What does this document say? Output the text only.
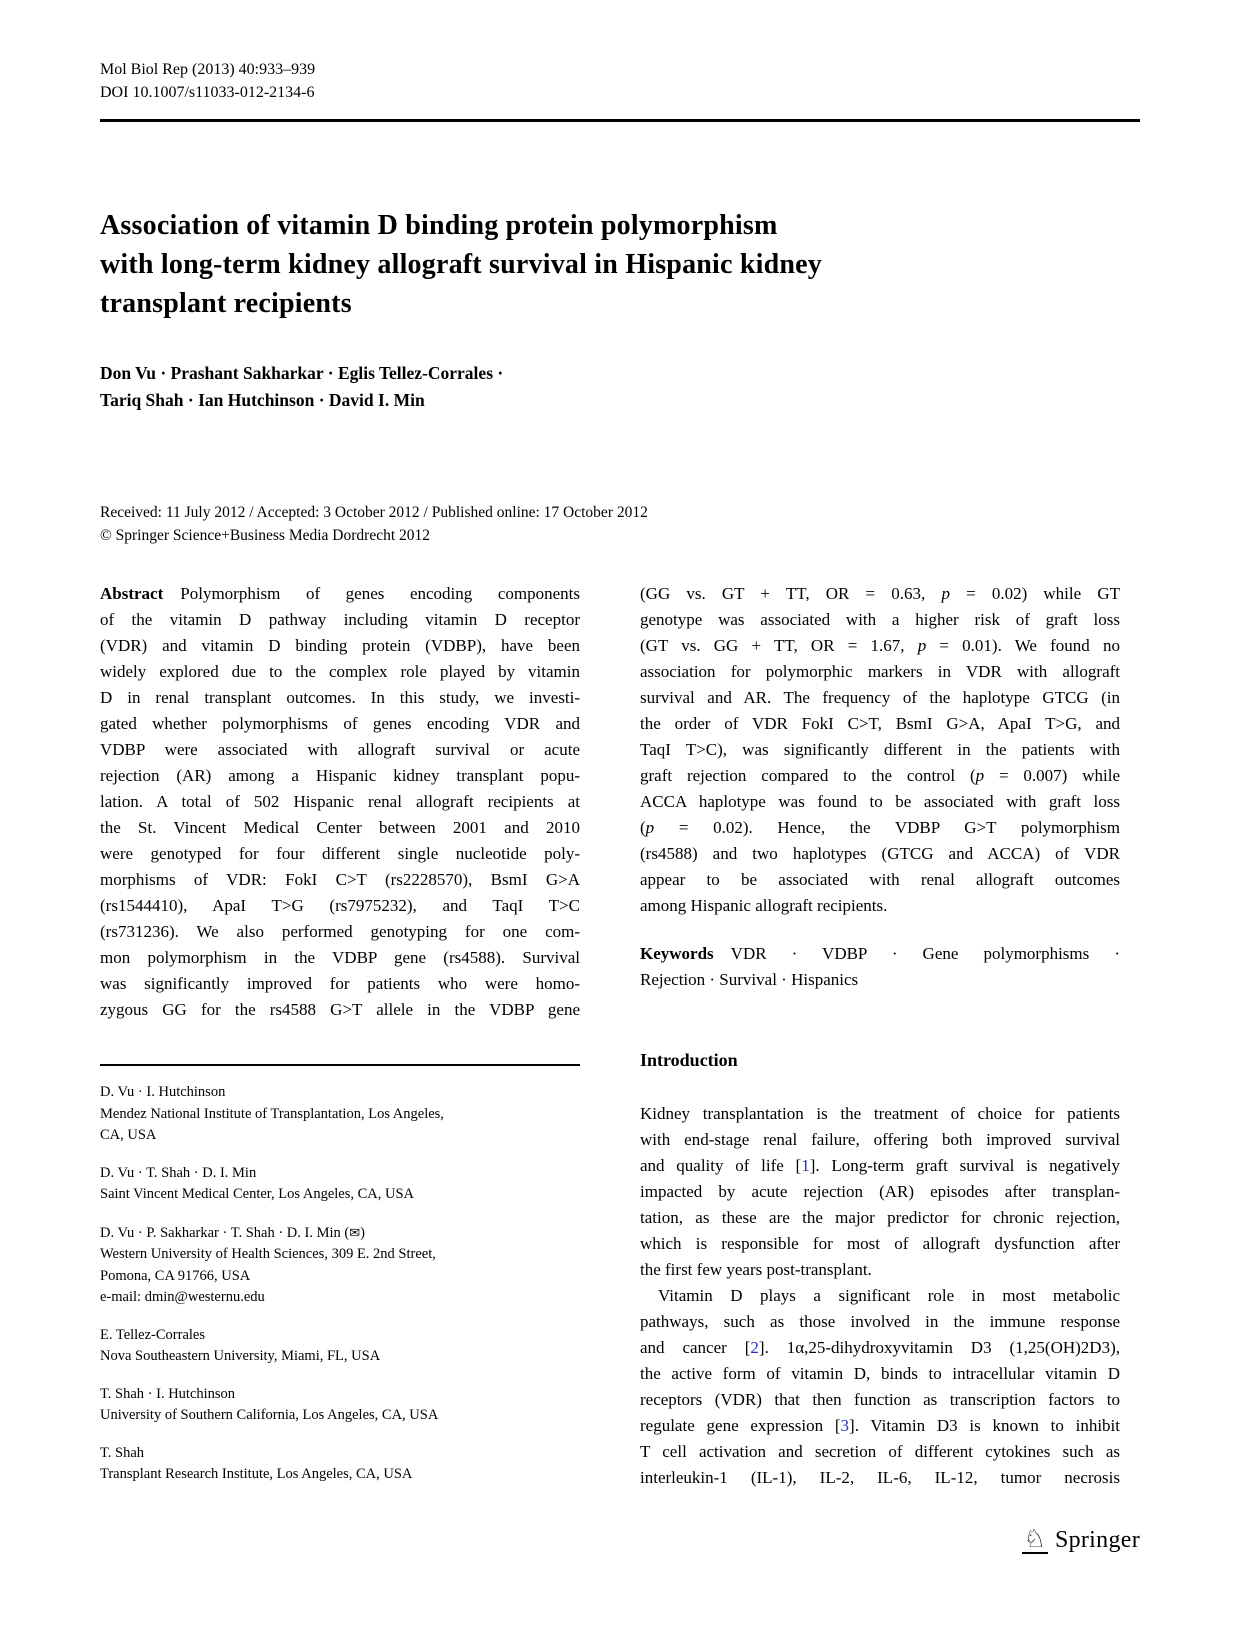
Mol Biol Rep (2013) 40:933–939
DOI 10.1007/s11033-012-2134-6
Association of vitamin D binding protein polymorphism
with long-term kidney allograft survival in Hispanic kidney
transplant recipients
Don Vu · Prashant Sakharkar · Eglis Tellez-Corrales ·
Tariq Shah · Ian Hutchinson · David I. Min
Received: 11 July 2012 / Accepted: 3 October 2012 / Published online: 17 October 2012
© Springer Science+Business Media Dordrecht 2012
Abstract Polymorphism of genes encoding components
of the vitamin D pathway including vitamin D receptor
(VDR) and vitamin D binding protein (VDBP), have been
widely explored due to the complex role played by vitamin
D in renal transplant outcomes. In this study, we investi-
gated whether polymorphisms of genes encoding VDR and
VDBP were associated with allograft survival or acute
rejection (AR) among a Hispanic kidney transplant popu-
lation. A total of 502 Hispanic renal allograft recipients at
the St. Vincent Medical Center between 2001 and 2010
were genotyped for four different single nucleotide poly-
morphisms of VDR: FokI C>T (rs2228570), BsmI G>A
(rs1544410), ApaI T>G (rs7975232), and TaqI T>C
(rs731236). We also performed genotyping for one com-
mon polymorphism in the VDBP gene (rs4588). Survival
was significantly improved for patients who were homo-
zygous GG for the rs4588 G>T allele in the VDBP gene
(GG vs. GT + TT, OR = 0.63, p = 0.02) while GT
genotype was associated with a higher risk of graft loss
(GT vs. GG + TT, OR = 1.67, p = 0.01). We found no
association for polymorphic markers in VDR with allograft
survival and AR. The frequency of the haplotype GTCG (in
the order of VDR FokI C>T, BsmI G>A, ApaI T>G, and
TaqI T>C), was significantly different in the patients with
graft rejection compared to the control (p = 0.007) while
ACCA haplotype was found to be associated with graft loss
(p = 0.02). Hence, the VDBP G>T polymorphism
(rs4588) and two haplotypes (GTCG and ACCA) of VDR
appear to be associated with renal allograft outcomes
among Hispanic allograft recipients.
Keywords VDR · VDBP · Gene polymorphisms ·
Rejection · Survival · Hispanics
Introduction
Kidney transplantation is the treatment of choice for patients
with end-stage renal failure, offering both improved survival
and quality of life [1]. Long-term graft survival is negatively
impacted by acute rejection (AR) episodes after transplan-
tation, as these are the major predictor for chronic rejection,
which is responsible for most of allograft dysfunction after
the first few years post-transplant.
Vitamin D plays a significant role in most metabolic
pathways, such as those involved in the immune response
and cancer [2]. 1α,25-dihydroxyvitamin D3 (1,25(OH)2D3),
the active form of vitamin D, binds to intracellular vitamin D
receptors (VDR) that then function as transcription factors to
regulate gene expression [3]. Vitamin D3 is known to inhibit
T cell activation and secretion of different cytokines such as
interleukin-1 (IL-1), IL-2, IL-6, IL-12, tumor necrosis
D. Vu · I. Hutchinson
Mendez National Institute of Transplantation, Los Angeles,
CA, USA
D. Vu · T. Shah · D. I. Min
Saint Vincent Medical Center, Los Angeles, CA, USA
D. Vu · P. Sakharkar · T. Shah · D. I. Min (✉)
Western University of Health Sciences, 309 E. 2nd Street,
Pomona, CA 91766, USA
e-mail: dmin@westernu.edu
E. Tellez-Corrales
Nova Southeastern University, Miami, FL, USA
T. Shah · I. Hutchinson
University of Southern California, Los Angeles, CA, USA
T. Shah
Transplant Research Institute, Los Angeles, CA, USA
♘ Springer
